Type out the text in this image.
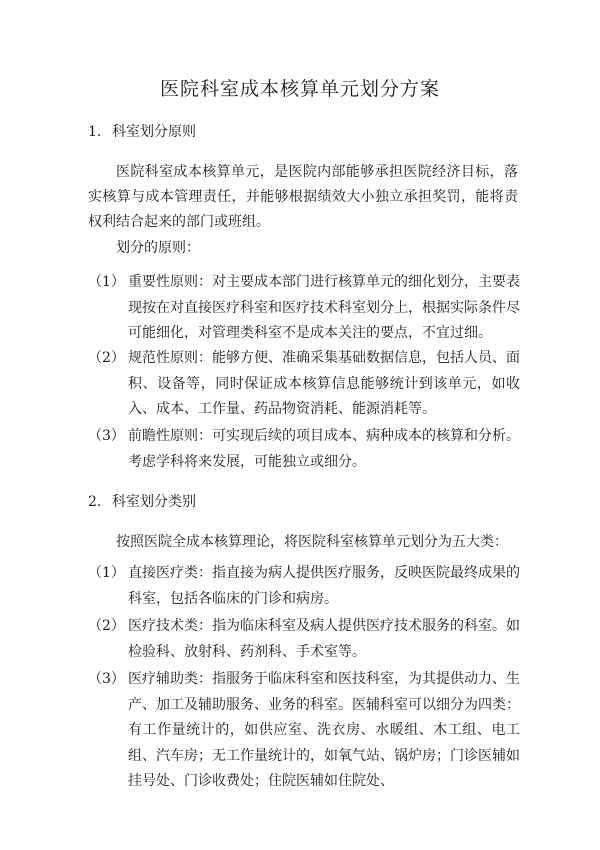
医院科室成本核算单元划分方案
1. 科室划分原则
医院科室成本核算单元，是医院内部能够承担医院经济目标，落实核算与成本管理责任，并能够根据绩效大小独立承担奖罚，能将责权利结合起来的部门或班组。
划分的原则：
（1） 重要性原则：对主要成本部门进行核算单元的细化划分，主要表现按在对直接医疗科室和医疗技术科室划分上，根据实际条件尽可能细化，对管理类科室不是成本关注的要点，不宜过细。
（2） 规范性原则：能够方便、准确采集基础数据信息，包括人员、面积、设备等，同时保证成本核算信息能够统计到该单元，如收入、成本、工作量、药品物资消耗、能源消耗等。
（3） 前瞻性原则：可实现后续的项目成本、病种成本的核算和分析。考虑学科将来发展，可能独立或细分。
2. 科室划分类别
按照医院全成本核算理论，将医院科室核算单元划分为五大类：
（1） 直接医疗类：指直接为病人提供医疗服务，反映医院最终成果的科室，包括各临床的门诊和病房。
（2） 医疗技术类：指为临床科室及病人提供医疗技术服务的科室。如检验科、放射科、药剂科、手术室等。
（3） 医疗辅助类：指服务于临床科室和医技科室，为其提供动力、生产、加工及辅助服务、业务的科室。医辅科室可以细分为四类：有工作量统计的，如供应室、洗衣房、水暖组、木工组、电工组、汽车房；无工作量统计的，如氧气站、锅炉房；门诊医辅如挂号处、门诊收费处；住院医辅如住院处、
